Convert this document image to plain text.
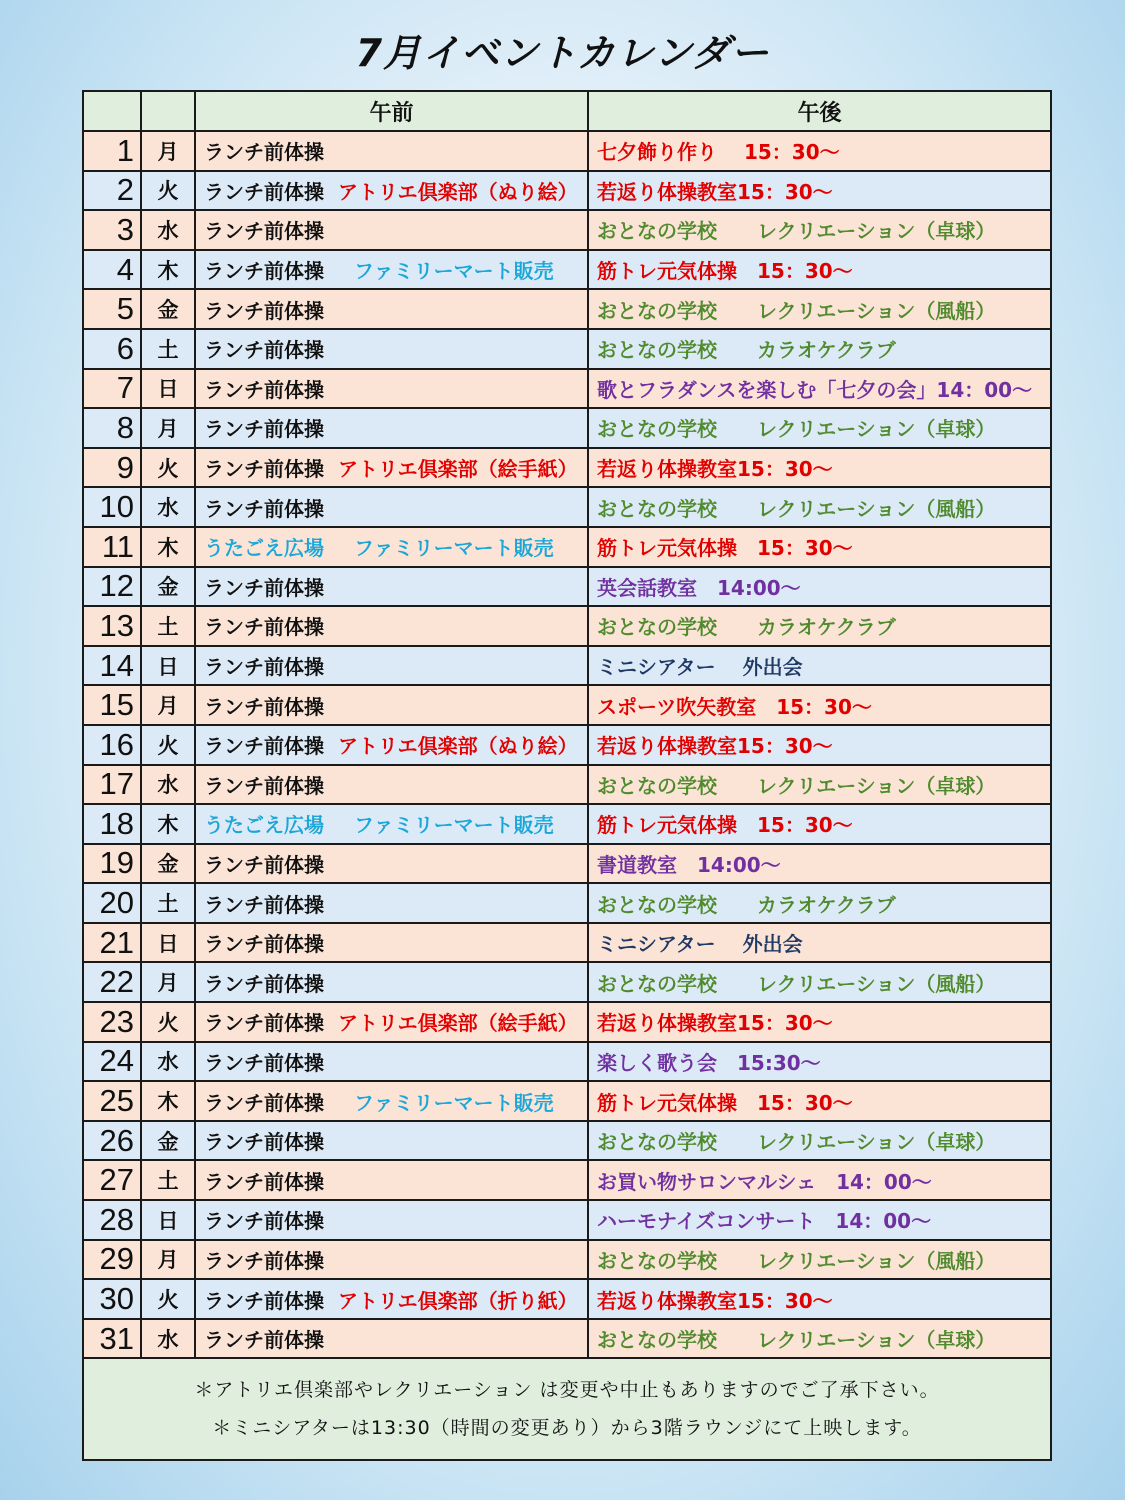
7月イベントカレンダー
		午前	午後
1	月	ランチ前体操	七夕飾り作り　 15：30～
2	火	ランチ前体操 アトリエ倶楽部（ぬり絵）	若返り体操教室15：30～
3	水	ランチ前体操	おとなの学校　　レクリエーション（卓球）
4	木	ランチ前体操 ファミリーマート販売	筋トレ元気体操　15：30～
5	金	ランチ前体操	おとなの学校　　レクリエーション（風船）
6	土	ランチ前体操	おとなの学校　　カラオケクラブ
7	日	ランチ前体操	歌とフラダンスを楽しむ「七夕の会」14：00～
8	月	ランチ前体操	おとなの学校　　レクリエーション（卓球）
9	火	ランチ前体操 アトリエ倶楽部（絵手紙）	若返り体操教室15：30～
10	水	ランチ前体操	おとなの学校　　レクリエーション（風船）
11	木	うたごえ広場 ファミリーマート販売	筋トレ元気体操　15：30～
12	金	ランチ前体操	英会話教室　14:00～
13	土	ランチ前体操	おとなの学校　　カラオケクラブ
14	日	ランチ前体操	ミニシアター　 外出会
15	月	ランチ前体操	スポーツ吹矢教室　15：30～
16	火	ランチ前体操 アトリエ倶楽部（ぬり絵）	若返り体操教室15：30～
17	水	ランチ前体操	おとなの学校　　レクリエーション（卓球）
18	木	うたごえ広場 ファミリーマート販売	筋トレ元気体操　15：30～
19	金	ランチ前体操	書道教室　14:00～
20	土	ランチ前体操	おとなの学校　　カラオケクラブ
21	日	ランチ前体操	ミニシアター　 外出会
22	月	ランチ前体操	おとなの学校　　レクリエーション（風船）
23	火	ランチ前体操 アトリエ倶楽部（絵手紙）	若返り体操教室15：30～
24	水	ランチ前体操	楽しく歌う会　15:30～
25	木	ランチ前体操 ファミリーマート販売	筋トレ元気体操　15：30～
26	金	ランチ前体操	おとなの学校　　レクリエーション（卓球）
27	土	ランチ前体操	お買い物サロンマルシェ　14：00～
28	日	ランチ前体操	ハーモナイズコンサート　14：00～
29	月	ランチ前体操	おとなの学校　　レクリエーション（風船）
30	火	ランチ前体操 アトリエ倶楽部（折り紙）	若返り体操教室15：30～
31	水	ランチ前体操	おとなの学校　　レクリエーション（卓球）

＊アトリエ倶楽部やレクリエーション は変更や中止もありますのでご了承下さい。
＊ミニシアターは13:30（時間の変更あり）から3階ラウンジにて上映します。			
